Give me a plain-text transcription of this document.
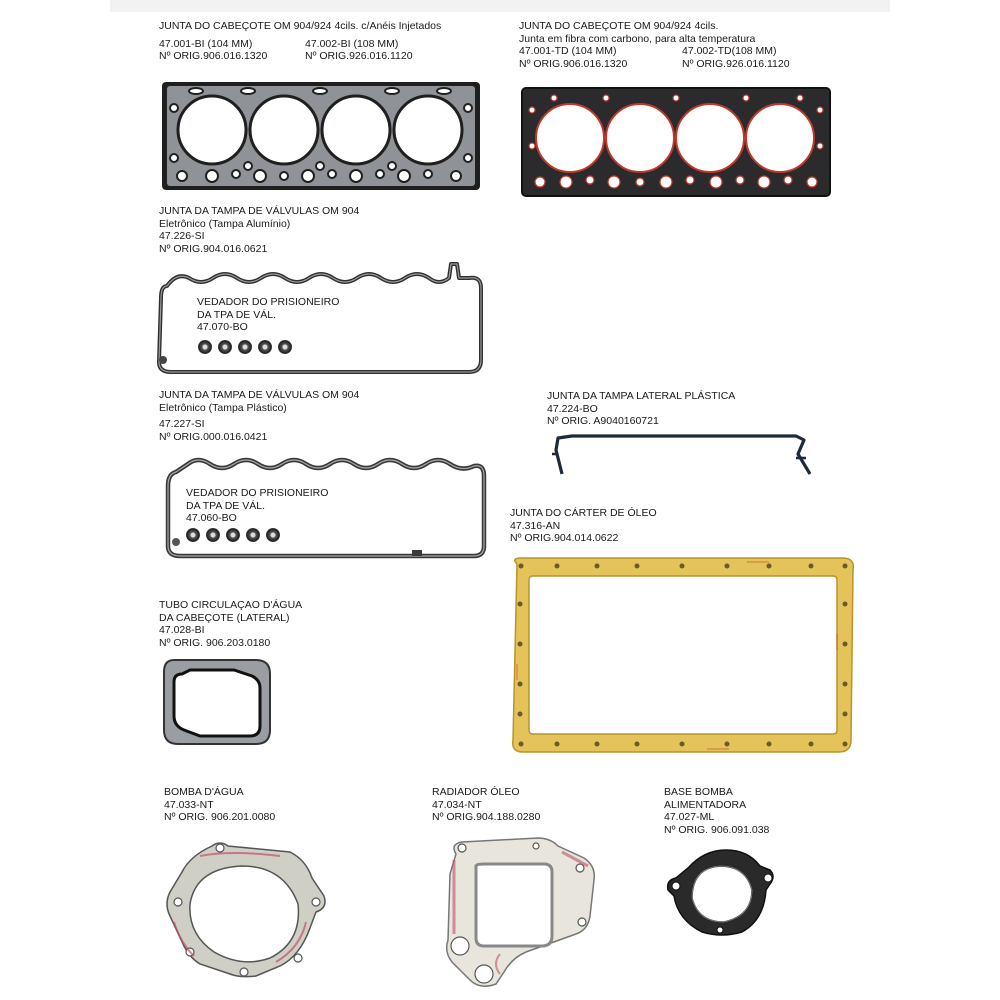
JUNTA DO CABEÇOTE OM 904/924 4cils. c/Anéis Injetados
47.001-BI (104 MM)
Nº ORIG.906.016.1320
47.002-BI (108 MM)
Nº ORIG.926.016.1120
JUNTA DO CABEÇOTE OM 904/924 4cils.
Junta em fibra com carbono, para alta temperatura
47.001-TD (104 MM)
Nº ORIG.906.016.1320
47.002-TD(108 MM)
Nº ORIG.926.016.1120
JUNTA DA TAMPA DE VÁLVULAS OM 904
Eletrônico (Tampa Alumínio)
47.226-SI
Nº ORIG.904.016.0621
VEDADOR DO PRISIONEIRO
DA TPA DE VÁL.
47.070-BO
JUNTA DA TAMPA DE VÁLVULAS OM 904
Eletrônico (Tampa Plástico)
47.227-SI
Nº ORIG.000.016.0421
VEDADOR DO PRISIONEIRO
DA TPA DE VÁL.
47.060-BO
JUNTA DA TAMPA LATERAL PLÁSTICA
47.224-BO
Nº ORIG. A9040160721
JUNTA DO CÁRTER DE ÓLEO
47.316-AN
Nº ORIG.904.014.0622
TUBO CIRCULAÇAO D'ÁGUA
DA CABEÇOTE (LATERAL)
47.028-BI
Nº ORIG. 906.203.0180
BOMBA D'ÁGUA
47.033-NT
Nº ORIG. 906.201.0080
RADIADOR ÓLEO
47.034-NT
Nº ORIG.904.188.0280
BASE BOMBA
ALIMENTADORA
47.027-ML
Nº ORIG. 906.091.038
